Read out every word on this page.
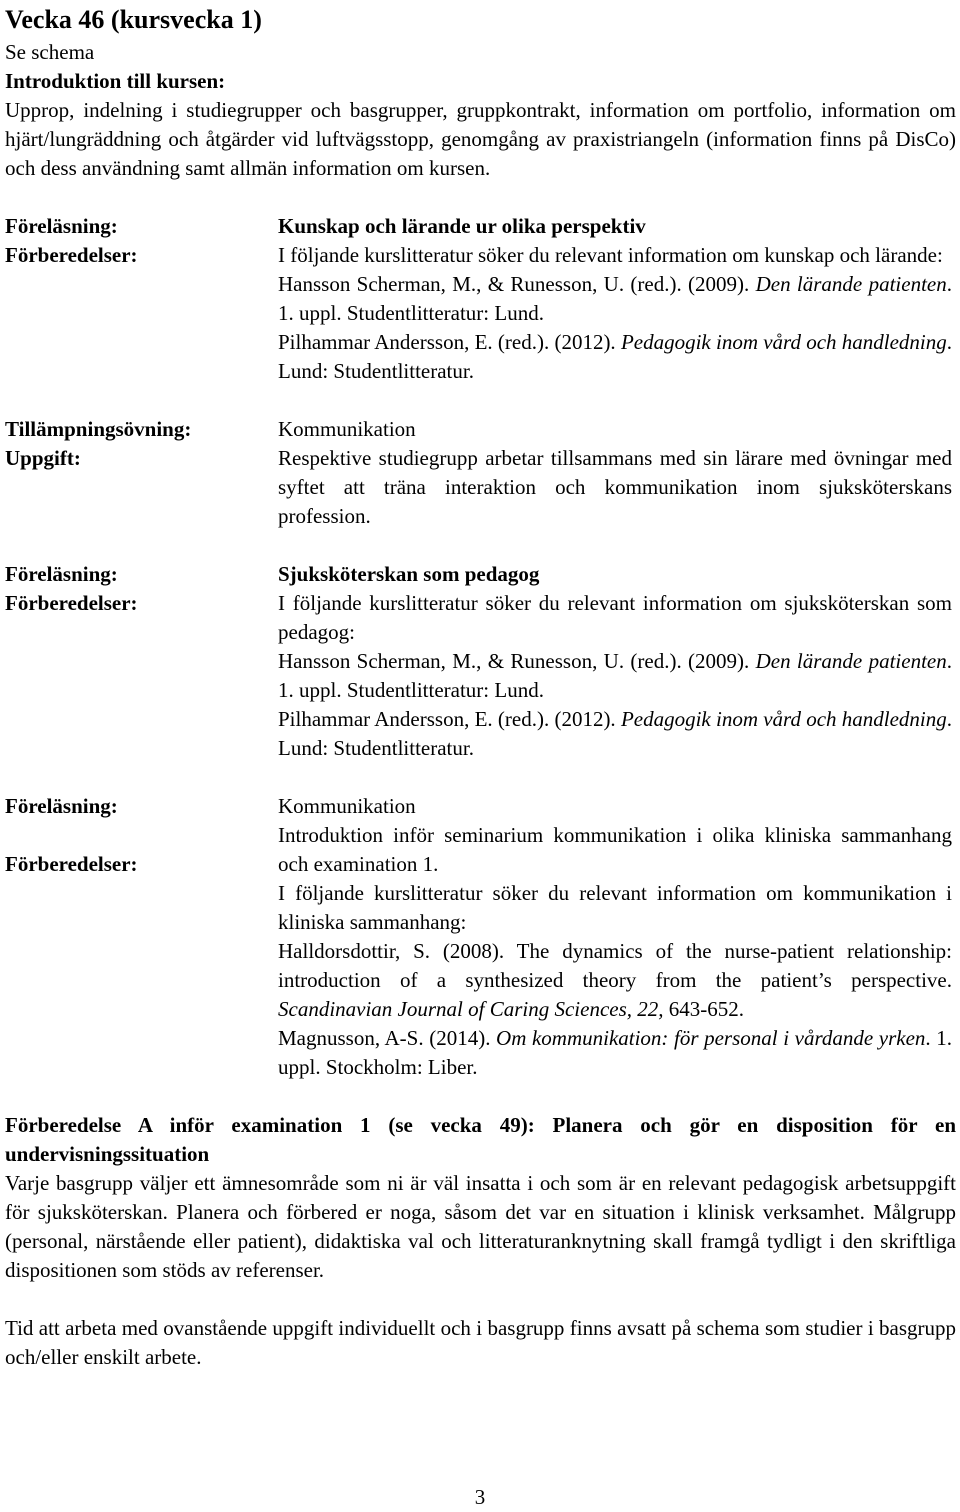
Vecka 46 (kursvecka 1)
Se schema
Introduktion till kursen:

Upprop, indelning i studiegrupper och basgrupper, gruppkontrakt, information om portfolio, information om hjärt/lungräddning och åtgärder vid luftvägsstopp, genomgång av praxistriangeln (information finns på DisCo) och dess användning samt allmän information om kursen.

Föreläsning:
Förberedelser:
Kunskap och lärande ur olika perspektiv

I följande kurslitteratur söker du relevant information om kunskap och lärande:

Hansson Scherman, M., & Runesson, U. (red.). (2009). Den lärande patienten. 1. uppl. Studentlitteratur: Lund.

Pilhammar Andersson, E. (red.). (2012). Pedagogik inom vård och handledning. Lund: Studentlitteratur.

Tillämpningsövning:
Uppgift:
Kommunikation

Respektive studiegrupp arbetar tillsammans med sin lärare med övningar med syftet att träna interaktion och kommunikation inom sjuksköterskans profession.

Föreläsning:
Förberedelser:
Sjuksköterskan som pedagog

I följande kurslitteratur söker du relevant information om sjuksköterskan som pedagog:

Hansson Scherman, M., & Runesson, U. (red.). (2009). Den lärande patienten. 1. uppl. Studentlitteratur: Lund.

Pilhammar Andersson, E. (red.). (2012). Pedagogik inom vård och handledning. Lund: Studentlitteratur.

Föreläsning:
Förberedelser:
Kommunikation

Introduktion inför seminarium kommunikation i olika kliniska sammanhang och examination 1.

I följande kurslitteratur söker du relevant information om kommunikation i kliniska sammanhang:

Halldorsdottir, S. (2008). The dynamics of the nurse-patient relationship: introduction of a synthesized theory from the patient’s perspective. Scandinavian Journal of Caring Sciences, 22, 643-652.

Magnusson, A-S. (2014). Om kommunikation: för personal i vårdande yrken. 1. uppl. Stockholm: Liber.

Förberedelse A inför examination 1 (se vecka 49): Planera och gör en disposition för en undervisningssituation

Varje basgrupp väljer ett ämnesområde som ni är väl insatta i och som är en relevant pedagogisk arbetsuppgift för sjuksköterskan. Planera och förbered er noga, såsom det var en situation i klinisk verksamhet. Målgrupp (personal, närstående eller patient), didaktiska val och litteraturanknytning skall framgå tydligt i den skriftliga dispositionen som stöds av referenser.

Tid att arbeta med ovanstående uppgift individuellt och i basgrupp finns avsatt på schema som studier i basgrupp och/eller enskilt arbete.

3
